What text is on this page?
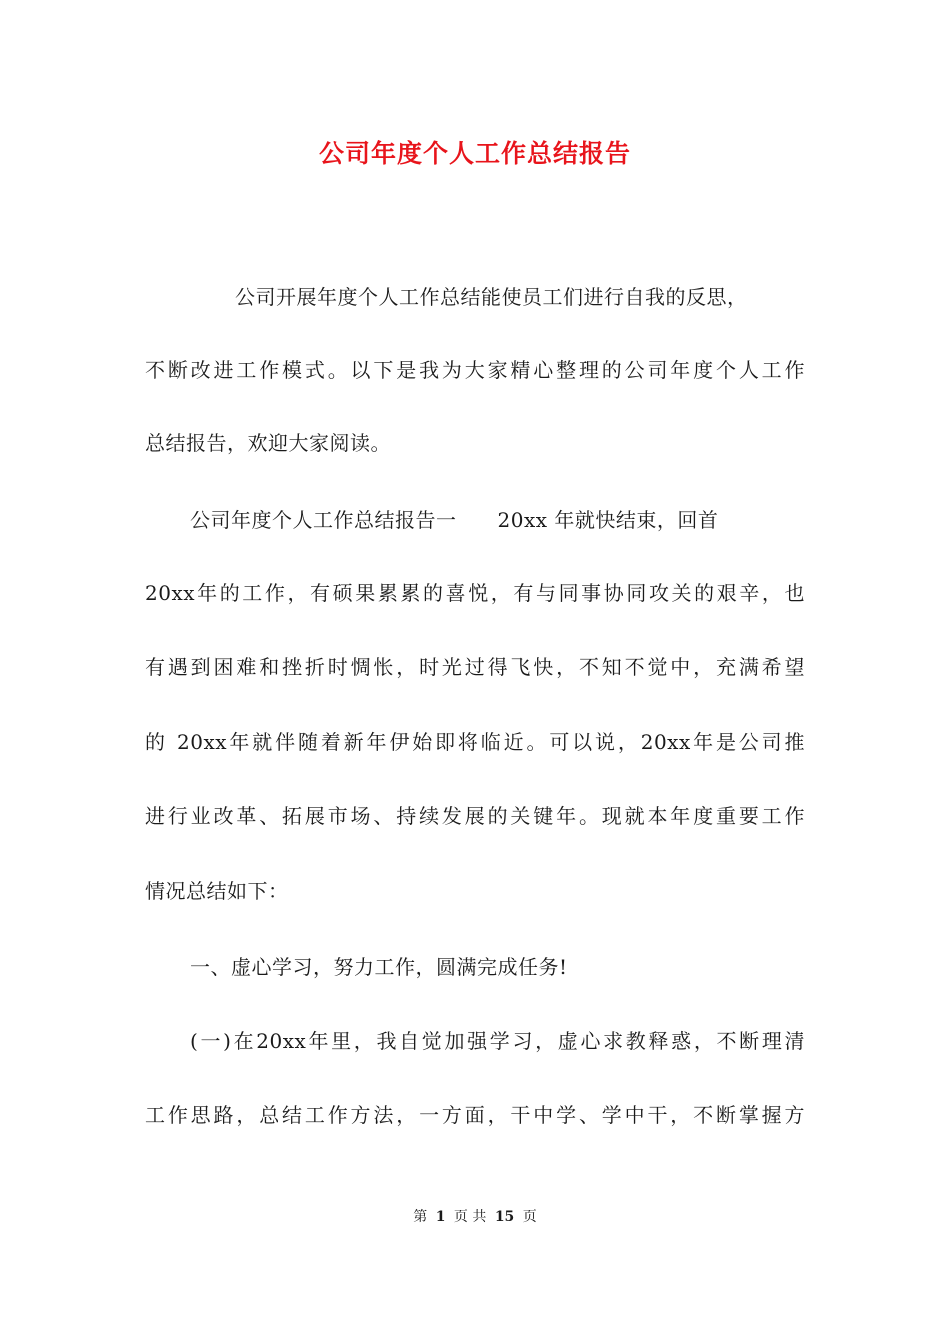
公司年度个人工作总结报告
公司开展年度个人工作总结能使员工们进行自我的反思，
不断改进工作模式。以下是我为大家精心整理的公司年度个人工作
总结报告，欢迎大家阅读。
公司年度个人工作总结报告一　　20xx 年就快结束，回首
20xx年的工作，有硕果累累的喜悦，有与同事协同攻关的艰辛，也
有遇到困难和挫折时惆怅，时光过得飞快，不知不觉中，充满希望
的 20xx年就伴随着新年伊始即将临近。可以说，20xx年是公司推
进行业改革、拓展市场、持续发展的关键年。现就本年度重要工作
情况总结如下：
一、虚心学习，努力工作，圆满完成任务!
(一)在20xx年里，我自觉加强学习，虚心求教释惑，不断理清
工作思路，总结工作方法，一方面，干中学、学中干，不断掌握方
第 1 页 共 15 页
